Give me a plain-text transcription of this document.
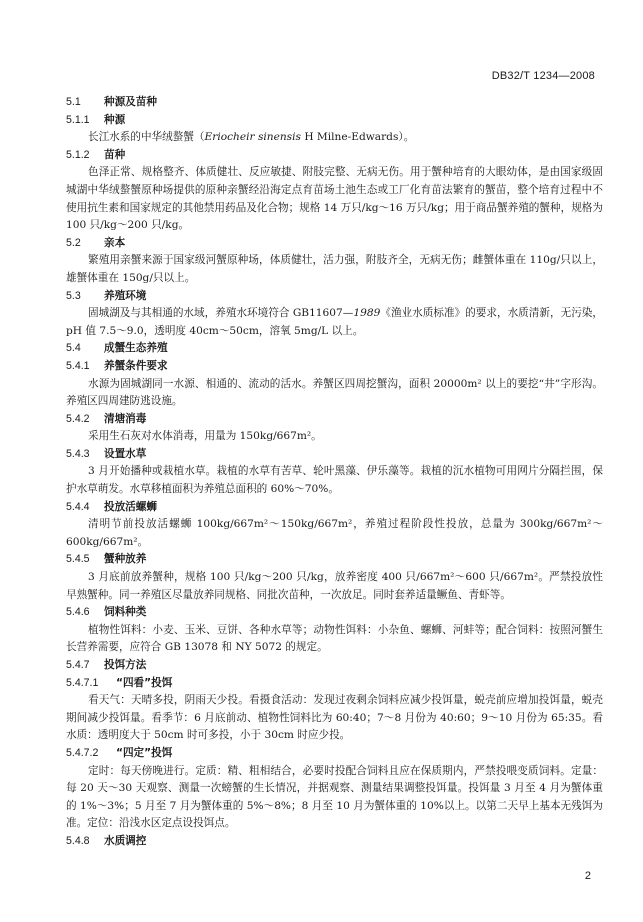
DB32/T 1234—2008
5.1 种源及苗种
5.1.1 种源

长江水系的中华绒螯蟹（Eriocheir sinensis H Milne-Edwards）。

5.1.2 苗种

色泽正常、规格整齐、体质健壮、反应敏捷、附肢完整、无病无伤。用于蟹种培育的大眼幼体，是由国家级固城湖中华绒螯蟹原种场提供的原种亲蟹经沿海定点育苗场土池生态或工厂化育苗法繁育的蟹苗，整个培育过程中不使用抗生素和国家规定的其他禁用药品及化合物；规格 14 万只/kg～16 万只/kg；用于商品蟹养殖的蟹种，规格为 100 只/kg～200 只/kg。

5.2 亲本

繁殖用亲蟹来源于国家级河蟹原种场，体质健壮，活力强，附肢齐全，无病无伤；雌蟹体重在 110g/只以上，雄蟹体重在 150g/只以上。

5.3 养殖环境

固城湖及与其相通的水域，养殖水环境符合 GB11607—1989《渔业水质标准》的要求，水质清新，无污染，pH 值 7.5～9.0，透明度 40cm～50cm，溶氧 5mg/L 以上。

5.4 成蟹生态养殖
5.4.1 养蟹条件要求

水源为固城湖同一水源、相通的、流动的活水。养蟹区四周挖蟹沟，面积 20000m² 以上的要挖“井”字形沟。养殖区四周建防逃设施。

5.4.2 清塘消毒

采用生石灰对水体消毒，用量为 150kg/667m²。

5.4.3 设置水草

3 月开始播种或栽植水草。栽植的水草有苦草、轮叶黑藻、伊乐藻等。栽植的沉水植物可用网片分隔拦围，保护水草萌发。水草移植面积为养殖总面积的 60%～70%。

5.4.4 投放活螺蛳

清明节前投放活螺蛳 100kg/667m²～150kg/667m²，养殖过程阶段性投放，总量为 300kg/667m²～600kg/667m²。

5.4.5 蟹种放养

3 月底前放养蟹种，规格 100 只/kg～200 只/kg，放养密度 400 只/667m²～600 只/667m²。严禁投放性早熟蟹种。同一养殖区尽量放养同规格、同批次苗种，一次放足。同时套养适量鳜鱼、青虾等。

5.4.6 饲料种类

植物性饵料：小麦、玉米、豆饼、各种水草等；动物性饵料：小杂鱼、螺蛳、河蚌等；配合饲料：按照河蟹生长营养需要，应符合 GB 13078 和 NY 5072 的规定。

5.4.7 投饵方法
5.4.7.1 “四看”投饵

看天气：天晴多投，阴雨天少投。看摄食活动：发现过夜剩余饲料应减少投饵量，蜕壳前应增加投饵量，蜕壳期间减少投饵量。看季节：6 月底前动、植物性饲料比为 60:40；7～8 月份为 40:60；9～10 月份为 65:35。看水质：透明度大于 50cm 时可多投，小于 30cm 时应少投。

5.4.7.2 “四定”投饵

定时：每天傍晚进行。定质：精、粗相结合，必要时投配合饲料且应在保质期内，严禁投喂变质饲料。定量：每 20 天～30 天观察、测量一次螃蟹的生长情况，并据观察、测量结果调整投饵量。投饵量 3 月至 4 月为蟹体重的 1%～3%；5 月至 7 月为蟹体重的 5%～8%；8 月至 10 月为蟹体重的 10%以上。以第二天早上基本无残饵为准。定位：沿浅水区定点设投饵点。

5.4.8 水质调控
2
